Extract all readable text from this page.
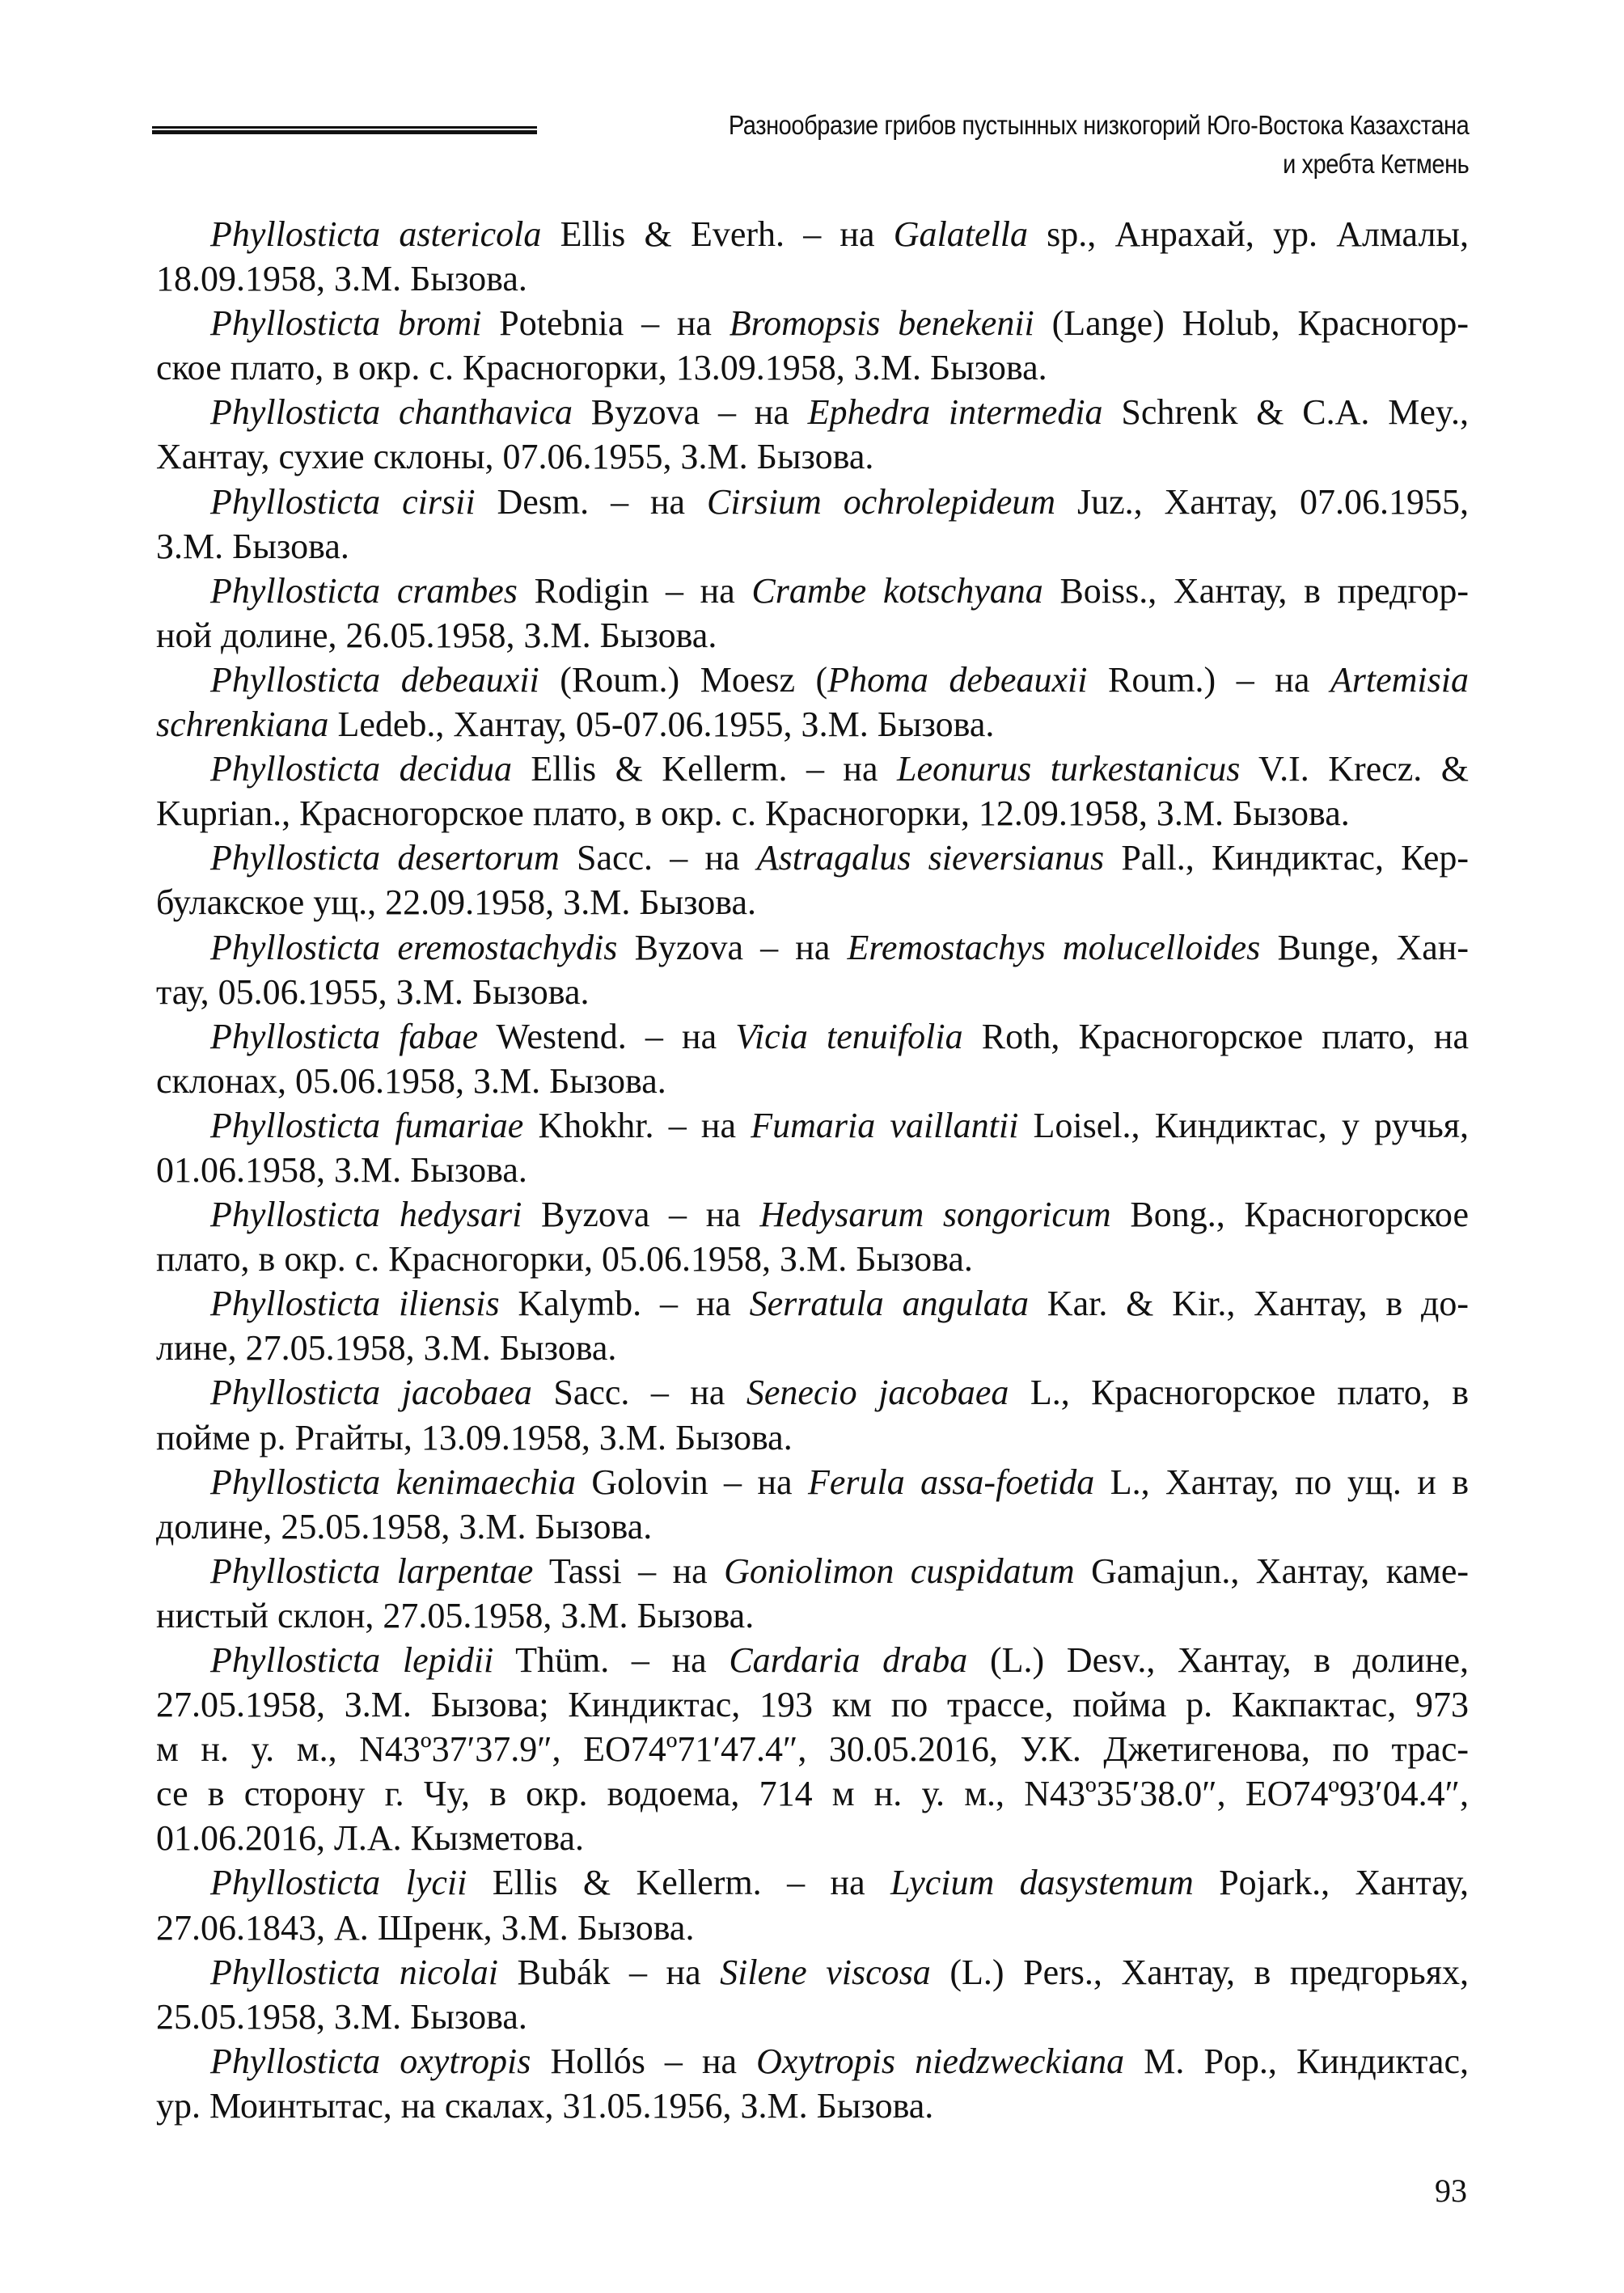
Разнообразие грибов пустынных низкогорий Юго-Востока Казахстана
и хребта Кетмень
Phyllosticta astericola Ellis & Everh. – на Galatella sp., Анрахай, ур. Алмалы,
18.09.1958, З.М. Бызова.
Phyllosticta bromi Potebnia – на Bromopsis benekenii (Lange) Holub, Красногор-
ское плато, в окр. с. Красногорки, 13.09.1958, З.М. Бызова.
Phyllosticta chanthavica Byzova – на Ephedra intermedia Schrenk & C.A. Mey.,
Хантау, сухие склоны, 07.06.1955, З.М. Бызова.
Phyllosticta cirsii Desm. – на Cirsium ochrolepideum Juz., Хантау, 07.06.1955,
З.М. Бызова.
Phyllosticta crambes Rodigin – на Crambe kotschyana Boiss., Хантау, в предгор-
ной долине, 26.05.1958, З.М. Бызова.
Phyllosticta debeauxii (Roum.) Moesz (Phoma debeauxii Roum.) – на Artemisia
schrenkiana Ledeb., Хантау, 05-07.06.1955, З.М. Бызова.
Phyllosticta decidua Ellis & Kellerm. – на Leonurus turkestanicus V.I. Krecz. &
Kuprian., Красногорское плато, в окр. с. Красногорки, 12.09.1958, З.М. Бызова.
Phyllosticta desertorum Sacc. – на Astragalus sieversianus Pall., Киндиктас, Кер-
булакское ущ., 22.09.1958, З.М. Бызова.
Phyllosticta eremostachydis Byzova – на Eremostachys molucelloides Bunge, Хан-
тау, 05.06.1955, З.М. Бызова.
Phyllosticta fabae Westend. – на Vicia tenuifolia Roth, Красногорское плато, на
склонах, 05.06.1958, З.М. Бызова.
Phyllosticta fumariae Khokhr. – на Fumaria vaillantii Loisel., Киндиктас, у ручья,
01.06.1958, З.М. Бызова.
Phyllosticta hedysari Byzova – на Hedysarum songoricum Bong., Красногорское
плато, в окр. с. Красногорки, 05.06.1958, З.М. Бызова.
Phyllosticta iliensis Kalymb. – на Serratula angulata Kar. & Kir., Хантау, в до-
лине, 27.05.1958, З.М. Бызова.
Phyllosticta jacobaea Sacc. – на Senecio jacobaea L., Красногорское плато, в
пойме р. Ргайты, 13.09.1958, З.М. Бызова.
Phyllosticta kenimaechia Golovin – на Ferula assa-foetida L., Хантау, по ущ. и в
долине, 25.05.1958, З.М. Бызова.
Phyllosticta larpentae Tassi – на Goniolimon cuspidatum Gamajun., Хантау, каме-
нистый склон, 27.05.1958, З.М. Бызова.
Phyllosticta lepidii Thüm. – на Cardaria draba (L.) Desv., Хантау, в долине,
27.05.1958, З.М. Бызова; Киндиктас, 193 км по трассе, пойма р. Какпактас, 973
м н. у. м., N43º37′37.9″, EO74º71′47.4″, 30.05.2016, У.К. Джетигенова, по трас-
се в сторону г. Чу, в окр. водоема, 714 м н. у. м., N43º35′38.0″, EO74º93′04.4″,
01.06.2016, Л.А. Кызметова.
Phyllosticta lycii Ellis & Kellerm. – на Lycium dasystemum Pojark., Хантау,
27.06.1843, А. Шренк, З.М. Бызова.
Phyllosticta nicolai Bubák – на Silene viscosa (L.) Pers., Хантау, в предгорьях,
25.05.1958, З.М. Бызова.
Phyllosticta oxytropis Hollós – на Oxytropis niedzweckiana M. Pop., Киндиктас,
ур. Моинтытас, на скалах, 31.05.1956, З.М. Бызова.
93
